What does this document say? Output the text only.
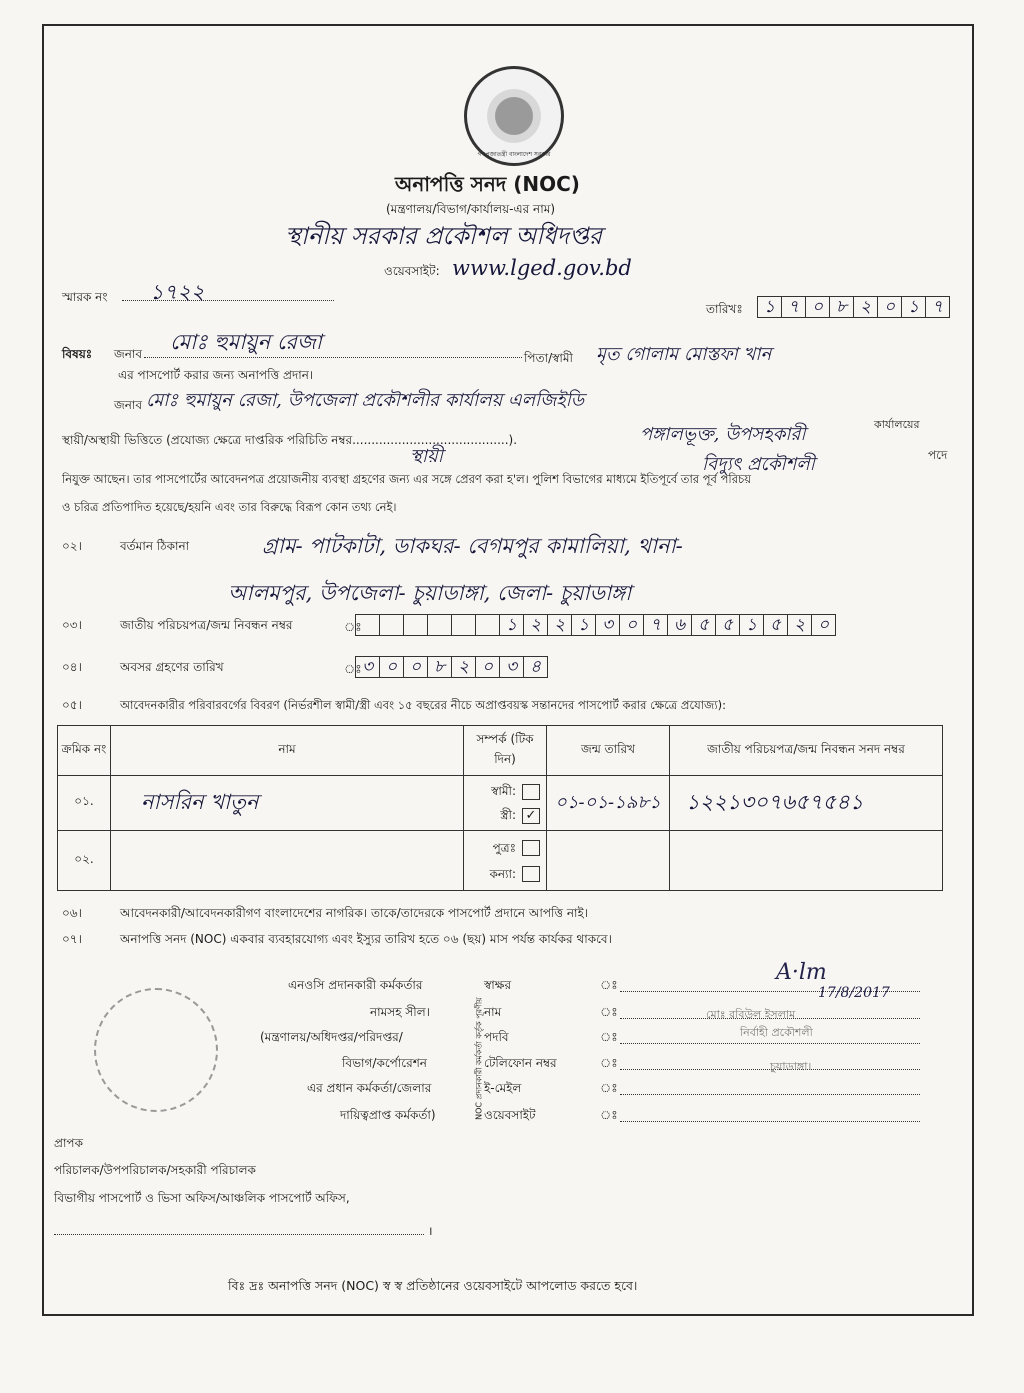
গণপ্রজাতন্ত্রী বাংলাদেশ সরকার
অনাপত্তি সনদ (NOC)
(মন্ত্রণালয়/বিভাগ/কার্যালয়-এর নাম)
স্থানীয় সরকার প্রকৌশল অধিদপ্তর
ওয়েবসাইট: www.lged.gov.bd
স্মারক নং ১৭২২
তারিখঃ	১ ৭ ০ ৮ ২ ০ ১ ৭
বিষয়ঃ জনাব মোঃ হুমায়ুন রেজা
পিতা/স্বামী মৃত গোলাম মোস্তফা খান
এর পাসপোর্ট করার জন্য অনাপত্তি প্রদান।
জনাব মোঃ হুমায়ুন রেজা, উপজেলা প্রকৌশলীর কার্যালয় এলজিইডি
কার্যালয়ের
স্থায়ী/অস্থায়ী ভিত্তিতে (প্রযোজ্য ক্ষেত্রে দাপ্তরিক পরিচিতি নম্বর.........................................).	পঙ্গালভূক্ত, উপসহকারী
স্থায়ী	বিদ্যুৎ প্রকৌশলী	পদে
নিযুক্ত আছেন। তার পাসপোর্টের আবেদনপত্র প্রয়োজনীয় ব্যবস্থা গ্রহণের জন্য এর সঙ্গে প্রেরণ করা হ'ল। পুলিশ বিভাগের মাধ্যমে ইতিপূর্বে তার পূর্ব পরিচয়
ও চরিত্র প্রতিপাদিত হয়েছে/হয়নি এবং তার বিরুদ্ধে বিরূপ কোন তথ্য নেই।
০২।	বর্তমান ঠিকানা	গ্রাম- পাটকাটা, ডাকঘর- বেগমপুর কামালিয়া, থানা-
আলমপুর, উপজেলা- চুয়াডাঙ্গা, জেলা- চুয়াডাঙ্গা
০৩।	জাতীয় পরিচয়পত্র/জন্ম নিবন্ধন নম্বর	ঃ	১ ২ ২ ১ ৩ ০ ৭ ৬ ৫ ৫ ১ ৫ ২ ০
০৪।	অবসর গ্রহণের তারিখ	ঃ ৩ ০ ০ ৮ ২ ০ ৩ ৪
০৫।	আবেদনকারীর পরিবারবর্গের বিবরণ (নির্ভরশীল স্বামী/স্ত্রী এবং ১৫ বছরের নীচে অপ্রাপ্তবয়স্ক সন্তানদের পাসপোর্ট করার ক্ষেত্রে প্রযোজ্য):
ক্রমিক নং	নাম	সম্পর্ক (টিক দিন)	জন্ম তারিখ	জাতীয় পরিচয়পত্র/জন্ম নিবন্ধন সনদ নম্বর
০১.	নাসরিন খাতুন	স্বামী:
স্ত্রী: ✓	০১-০১-১৯৮১	১২২১৩০৭৬৫৭৫৪১
০২.		পুত্রঃ
কন্যা:		

০৬।	আবেদনকারী/আবেদনকারীগণ বাংলাদেশের নাগরিক। তাকে/তাদেরকে পাসপোর্ট প্রদানে আপত্তি নাই।
০৭।	অনাপত্তি সনদ (NOC) একবার ব্যবহারযোগ্য এবং ইস্যুর তারিখ হতে ০৬ (ছয়) মাস পর্যন্ত কার্যকর থাকবে।
এনওসি প্রদানকারী কর্মকর্তার
নামসহ সীল।
(মন্ত্রণালয়/অধিদপ্তর/পরিদপ্তর/
বিভাগ/কর্পোরেশন
এর প্রধান কর্মকর্তা/জেলার
দায়িত্বপ্রাপ্ত কর্মকর্তা)	NOC প্রদানকারী কর্মকর্তা কর্তৃক পূরণীয়
স্বাক্ষর	ঃ
নাম	ঃ
পদবি	ঃ
টেলিফোন নম্বর	ঃ
ই-মেইল	ঃ
ওয়েবসাইট	ঃ
A·lm
17/8/2017
মোঃ রবিউল ইসলাম
নির্বাহী প্রকৌশলী
চুয়াডাঙ্গা।
প্রাপক
পরিচালক/উপপরিচালক/সহকারী পরিচালক
বিভাগীয় পাসপোর্ট ও ভিসা অফিস/আঞ্চলিক পাসপোর্ট অফিস,
।
বিঃ দ্রঃ অনাপত্তি সনদ (NOC) স্ব স্ব প্রতিষ্ঠানের ওয়েবসাইটে আপলোড করতে হবে।
